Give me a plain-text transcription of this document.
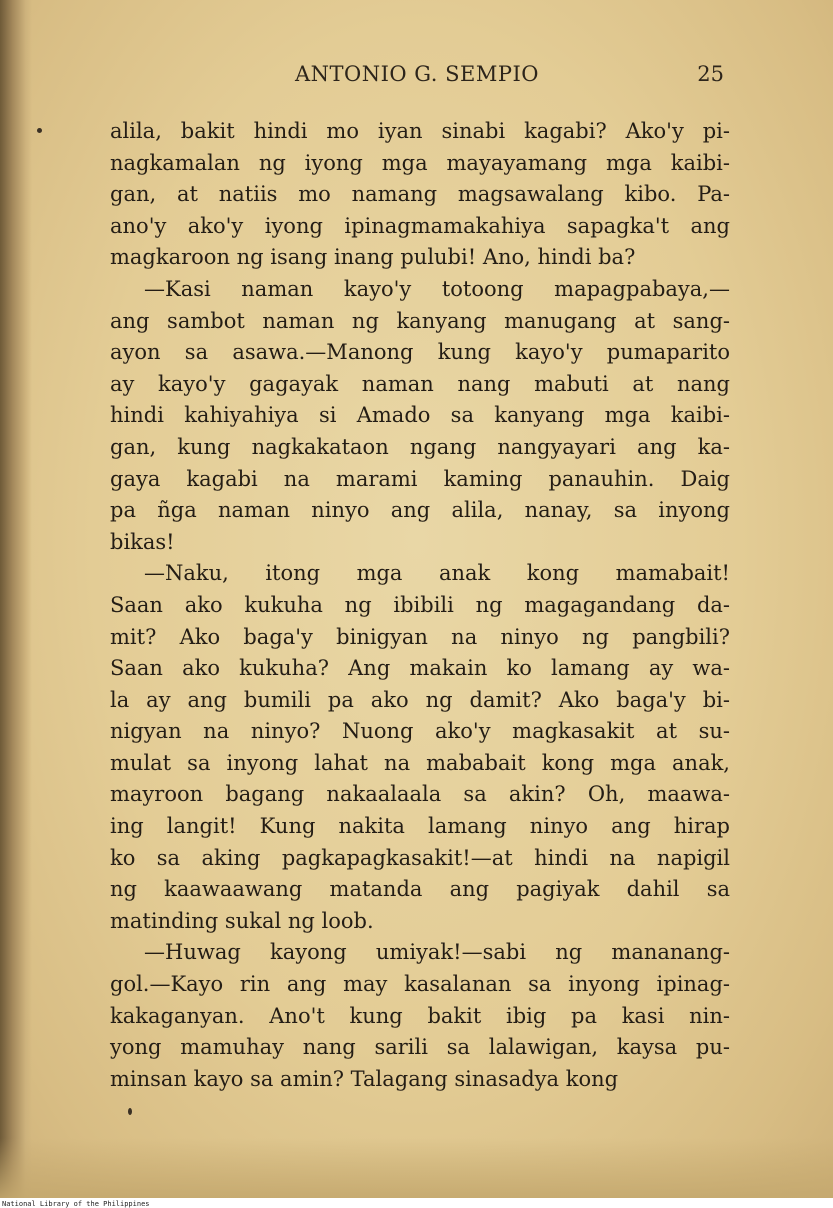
ANTONIO G. SEMPIO	25
alila, bakit hindi mo iyan sinabi kagabi? Ako'y pi-
nagkamalan ng iyong mga mayayamang mga kaibi-
gan, at natiis mo namang magsawalang kibo. Pa-
ano'y ako'y iyong ipinagmamakahiya sapagka't ang
magkaroon ng isang inang pulubi! Ano, hindi ba?
—Kasi naman kayo'y totoong mapagpabaya,—
ang sambot naman ng kanyang manugang at sang-
ayon sa asawa.—Manong kung kayo'y pumaparito
ay kayo'y gagayak naman nang mabuti at nang
hindi kahiyahiya si Amado sa kanyang mga kaibi-
gan, kung nagkakataon ngang nangyayari ang ka-
gaya kagabi na marami kaming panauhin. Daig
pa ñga naman ninyo ang alila, nanay, sa inyong
bikas!
—Naku, itong mga anak kong mamabait!
Saan ako kukuha ng ibibili ng magagandang da-
mit? Ako baga'y binigyan na ninyo ng pangbili?
Saan ako kukuha? Ang makain ko lamang ay wa-
la ay ang bumili pa ako ng damit? Ako baga'y bi-
nigyan na ninyo? Nuong ako'y magkasakit at su-
mulat sa inyong lahat na mababait kong mga anak,
mayroon bagang nakaalaala sa akin? Oh, maawa-
ing langit! Kung nakita lamang ninyo ang hirap
ko sa aking pagkapagkasakit!—at hindi na napigil
ng kaawaawang matanda ang pagiyak dahil sa
matinding sukal ng loob.
—Huwag kayong umiyak!—sabi ng mananang-
gol.—Kayo rin ang may kasalanan sa inyong ipinag-
kakaganyan. Ano't kung bakit ibig pa kasi nin-
yong mamuhay nang sarili sa lalawigan, kaysa pu-
minsan kayo sa amin? Talagang sinasadya kong
National Library of the Philippines
